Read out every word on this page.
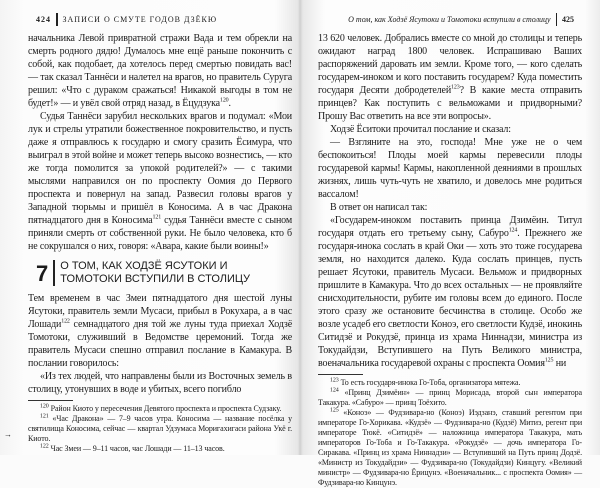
424 ЗАПИСИ О СМУТЕ ГОДОВ ДЗЁКЮ

начальника Левой привратной стражи Вада и тем обрекли на смерть родного дядю! Думалось мне ещё раньше покончить с собой, как подобает, да хотелось перед смертью повидать вас! — так сказал Таннёси и налетел на врагов, но правитель Суруга решил: «Что с дураком сражаться! Никакой выгоды в том не будет!» — и увёл свой отряд назад, в Ёцудзука$^{120}$.

Судья Таннёси зарубил нескольких врагов и подумал: «Мои лук и стрелы утратили божественное покровительство, и пусть даже я отправлюсь к государю и смогу сразить Ёсимура, что выиграл в этой войне и может теперь высоко вознестись, — кто же тогда помолится за упокой родителей?» — с такими мыслями направился он по проспекту Оомия до Первого проспекта и повернул на запад. Развесил головы врагов у Западной тюрьмы и пришёл в Коносима. А в час Дракона пятнадцатого дня в Коносима$^{121}$ судья Таннёси вместе с сыном приняли смерть от собственной руки. Не было человека, кто б не сокрушался о них, говоря: «Авара, какие были воины!»

7	О ТОМ, КАК ХОДЗЁ ЯСУТОКИ И ТОМОТОКИ ВСТУПИЛИ В СТОЛИЦУ

Тем временем в час Змеи пятнадцатого дня шестой луны Ясутоки, правитель земли Мусаси, прибыл в Рокухара, а в час Лошади$^{122}$ семнадцатого дня той же луны туда приехал Ходзё Томотоки, служивший в Ведомстве церемоний. Тогда же правитель Мусаси спешно отправил послание в Камакура. В послании говорилось:

«Из тех людей, что направлены были из Восточных земель в столицу, утонувших в воде и убитых, всего погибло

$^{120}$ Район Киото у пересечения Девятого проспекта и проспекта Судзаку.

$^{121}$ «Час Дракона» — 7–9 часов утра. Коносима — название посёлка у святилища Коносима, сейчас — квартал Удзумаса Моригахигаси района Укё г. Киото.

$^{122}$ Час Змеи — 9–11 часов, час Лошади — 11–13 часов.

→
О том, как Ходзё Ясутоки и Томотоки вступили в столицу 425

13 620 человек. Добрались вместе со мной до столицы и теперь ожидают наград 1800 человек. Испрашиваю Ваших распоряжений даровать им земли. Кроме того, — кого сделать государем-иноком и кого поставить государем? Куда поместить государя Десяти добродетелей$^{123}$? В какие места отправить принцев? Как поступить с вельможами и придворными? Прошу Вас ответить на все эти вопросы».

Ходзё Ёситоки прочитал послание и сказал:

— Взгляните на это, господа! Мне уже не о чем беспокоиться! Плоды моей кармы перевесили плоды государевой кармы! Кармы, накопленной деяниями в прошлых жизнях, лишь чуть-чуть не хватило, и довелось мне родиться вассалом!

В ответ он написал так:

«Государем-иноком поставить принца Дзимёин. Титул государя отдать его третьему сыну, Сабуро$^{124}$. Прежнего же государя-инока сослать в край Оки — хоть это тоже государева земля, но находится далеко. Куда сослать принцев, пусть решает Ясутоки, правитель Мусаси. Вельмож и придворных пришлите в Камакура. Что до всех остальных — не проявляйте снисходительности, рубите им головы всем до единого. После этого сразу же остановите бесчинства в столице. Особо же возле усадеб его светлости Коноэ, его светлости Кудзё, инокинь Ситидзё и Рокудзё, принца из храма Ниннадзи, министра из Токудайдзи, Вступившего на Путь Великого министра, военачальника государевой охраны с проспекта Оомия$^{125}$ ни

$^{123}$ То есть государя-инока Го-Тоба, организатора мятежа.

$^{124}$ «Принц Дзимёин» — принц Морисада, второй сын императора Такакура. «Сабуро» — принц Тоёхито.

$^{125}$ «Коноэ» — Фудзивара-но (Коноэ) Иэдзанэ, ставший регентом при императоре Го-Хорикава. «Кудзё» — Фудзивара-но (Кудзё) Митиэ, регент при императоре Тюкё. «Ситидзё» — наложница императора Такакура, мать императоров Го-Тоба и Го-Такакура. «Рокудзё» — дочь императора Го-Сиракава. «Принц из храма Ниннадзи» — Вступивший на Путь принц Додзё. «Министр из Токудайдзи» — Фудзивара-но (Токудайдзи) Кинцугу. «Великий министр» — Фудзивара-но Ёрицунэ. «Военачальник... с проспекта Оомия» — Фудзивара-но Кинцунэ.
